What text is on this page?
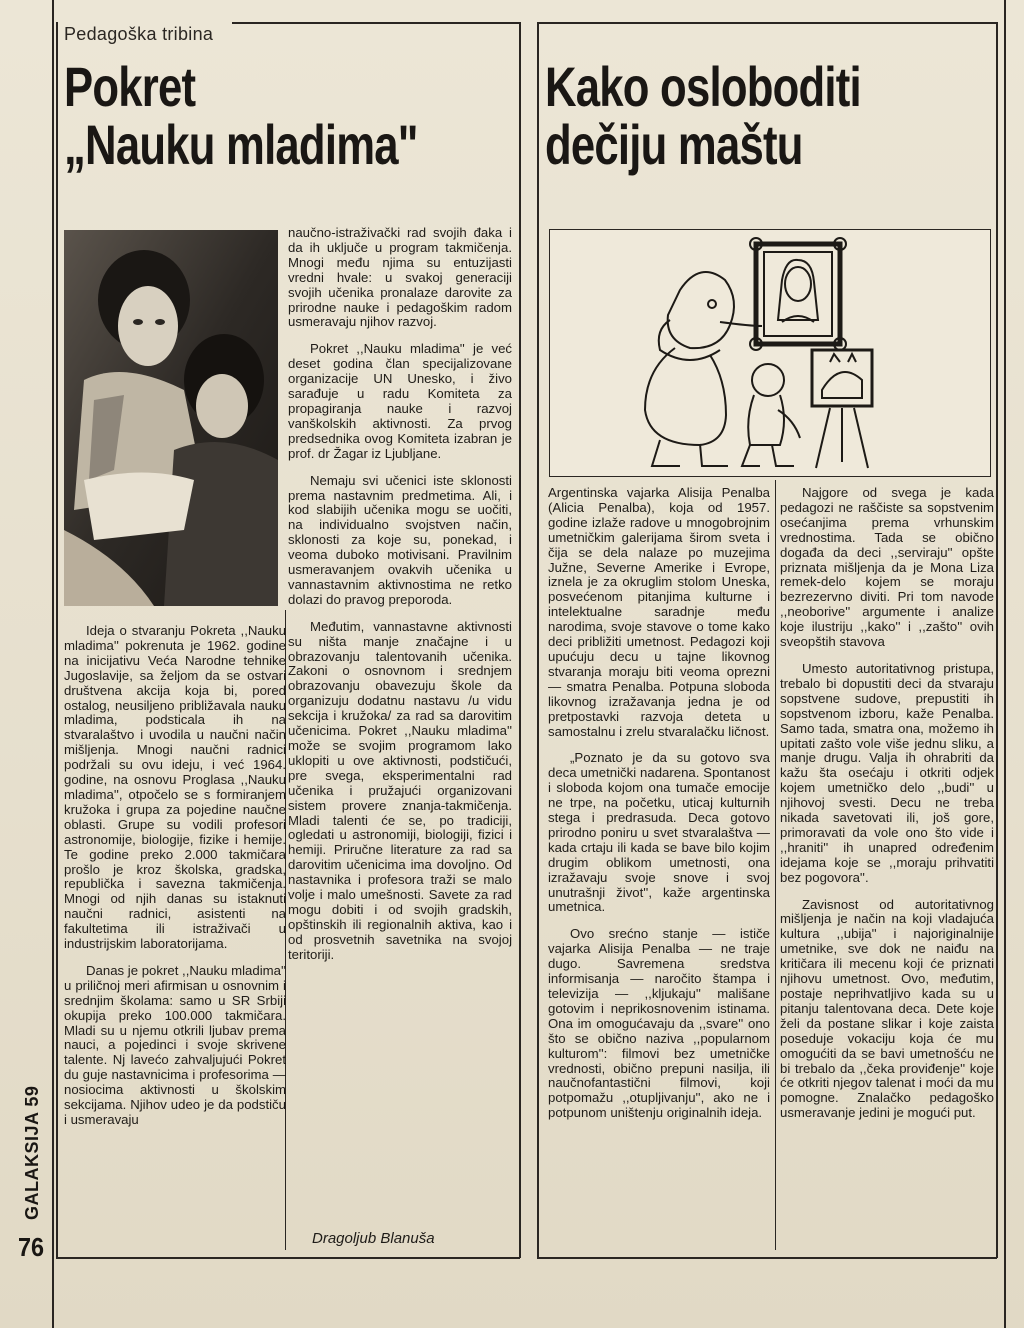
Pedagoška tribina
Pokret
„Nauku mladima"

Ideja o stvaranju Pokreta ,,Nauku mladima'' pokrenuta je 1962. godine na inicijativu Veća Narodne tehnike Jugoslavije, sa željom da se ostvari društvena akcija koja bi, pored ostalog, neusiljeno približavala nauku mladima, podsticala ih na stvaralaštvo i uvodila u naučni način mišljenja. Mnogi naučni radnici podržali su ovu ideju, i već 1964. godine, na osnovu Proglasa ,,Nauku mladima'', otpočelo se s formiranjem kružoka i grupa za pojedine naučne oblasti. Grupe su vodili profesori astronomije, biologije, fizike i hemije. Te godine preko 2.000 takmičara prošlo je kroz školska, gradska, republička i savezna takmičenja. Mnogi od njih danas su istaknuti naučni radnici, asistenti na fakultetima ili istraživači u industrijskim laboratorijama.

Danas je pokret ,,Nauku mladima'' u priličnoj meri afirmisan u osnovnim i srednjim školama: samo u SR Srbiji okupija preko 100.000 takmičara. Mladi su u njemu otkrili ljubav prema nauci, a pojedinci i svoje skrivene talente. Nj lavećo zahvaljujući Pokret du guje nastavnicima i profesorima — nosiocima aktivnosti u školskim sekcijama. Njihov udeo je da podstiču i usmeravaju

naučno-istraživački rad svojih đaka i da ih uključe u program takmičenja. Mnogi među njima su entuzijasti vredni hvale: u svakoj generaciji svojih učenika pronalaze darovite za prirodne nauke i pedagoškim radom usmeravaju njihov razvoj.

Pokret ,,Nauku mladima'' je već deset godina član specijalizovane organizacije UN Unesko, i živo sarađuje u radu Komiteta za propagiranja nauke i razvoj vanškolskih aktivnosti. Za prvog predsednika ovog Komiteta izabran je prof. dr Žagar iz Ljubljane.

Nemaju svi učenici iste sklonosti prema nastavnim predmetima. Ali, i kod slabijih učenika mogu se uočiti, na individualno svojstven način, sklonosti za koje su, ponekad, i veoma duboko motivisani. Pravilnim usmeravanjem ovakvih učenika u vannastavnim aktivnostima ne retko dolazi do pravog preporoda.

Međutim, vannastavne aktivnosti su ništa manje značajne i u obrazovanju talentovanih učenika. Zakoni o osnovnom i srednjem obrazovanju obavezuju škole da organizuju dodatnu nastavu /u vidu sekcija i kružoka/ za rad sa darovitim učenicima. Pokret ,,Nauku mladima'' može se svojim programom lako uklopiti u ove aktivnosti, podstičući, pre svega, eksperimentalni rad učenika i pružajući organizovani sistem provere znanja-takmičenja. Mladi talenti će se, po tradiciji, ogledati u astronomiji, biologiji, fizici i hemiji. Priručne literature za rad sa darovitim učenicima ima dovoljno. Od nastavnika i profesora traži se malo volje i malo umešnosti. Savete za rad mogu dobiti i od svojih gradskih, opštinskih ili regionalnih aktiva, kao i od prosvetnih savetnika na svojoj teritoriji.

Dragoljub Blanuša
Kako osloboditi
dečiju maštu

Argentinska vajarka Alisija Penalba (Alicia Penalba), koja od 1957. godine izlaže radove u mnogobrojnim umetničkim galerijama širom sveta i čija se dela nalaze po muzejima Južne, Severne Amerike i Evrope, iznela je za okruglim stolom Uneska, posvećenom pitanjima kulturne i intelektualne saradnje među narodima, svoje stavove o tome kako deci približiti umetnost. Pedagozi koji upućuju decu u tajne likovnog stvaranja moraju biti veoma oprezni — smatra Penalba. Potpuna sloboda likovnog izražavanja jedna je od pretpostavki razvoja deteta u samostalnu i zrelu stvaralačku ličnost.

„Poznato je da su gotovo sva deca umetnički nadarena. Spontanost i sloboda kojom ona tumače emocije ne trpe, na početku, uticaj kulturnih stega i predrasuda. Deca gotovo prirodno poniru u svet stvaralaštva — kada crtaju ili kada se bave bilo kojim drugim oblikom umetnosti, ona izražavaju svoje snove i svoj unutrašnji život'', kaže argentinska umetnica.

Ovo srećno stanje — ističe vajarka Alisija Penalba — ne traje dugo. Savremena sredstva informisanja — naročito štampa i televizija — ,,kljukaju'' mališane gotovim i neprikosnovenim istinama. Ona im omogućavaju da ,,svare'' ono što se obično naziva ,,popularnom kulturom'': filmovi bez umetničke vrednosti, obično prepuni nasilja, ili naučnofantastični filmovi, koji potpomažu ,,otupljivanju'', ako ne i potpunom uništenju originalnih ideja.

Najgore od svega je kada pedagozi ne raščiste sa sopstvenim osećanjima prema vrhunskim vrednostima. Tada se obično događa da deci ,,serviraju'' opšte priznata mišljenja da je Mona Liza remek-delo kojem se moraju bezrezervno diviti. Pri tom navode ,,neoborive'' argumente i analize koje ilustriju ,,kako'' i ,,zašto'' ovih sveopštih stavova

Umesto autoritativnog pristupa, trebalo bi dopustiti deci da stvaraju sopstvene sudove, prepustiti ih sopstvenom izboru, kaže Penalba. Samo tada, smatra ona, možemo ih upitati zašto vole više jednu sliku, a manje drugu. Valja ih ohrabriti da kažu šta osećaju i otkriti odjek kojem umetničko delo ,,budi'' u njihovoj svesti. Decu ne treba nikada savetovati ili, još gore, primoravati da vole ono što vide i ,,hraniti'' ih unapred određenim idejama koje se ,,moraju prihvatiti bez pogovora''.

Zavisnost od autoritativnog mišljenja je način na koji vladajuća kultura ,,ubija'' i najoriginalnije umetnike, sve dok ne naiđu na kritičara ili mecenu koji će priznati njihovu umetnost. Ovo, međutim, postaje neprihvatljivo kada su u pitanju talentovana deca. Dete koje želi da postane slikar i koje zaista poseduje vokaciju koja će mu omogućiti da se bavi umetnošću ne bi trebalo da ,,čeka proviđenje'' koje će otkriti njegov talenat i moći da mu pomogne. Znalačko pedagoško usmeravanje jedini je mogući put.

GALAKSIJA 59
76
